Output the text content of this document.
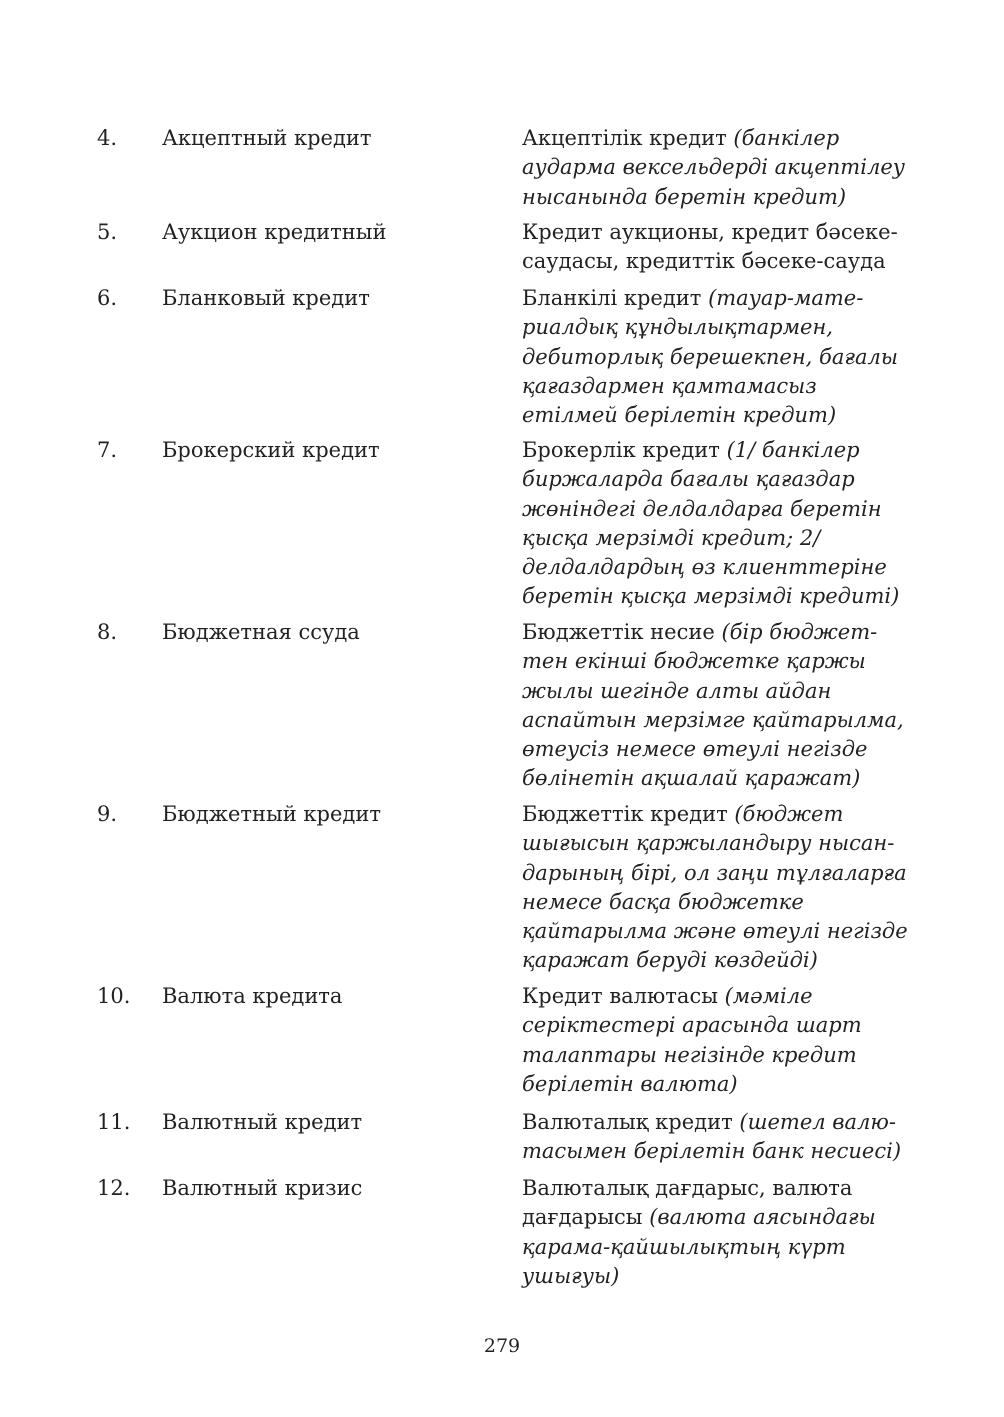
4. Акцептный кредит	Акцептілік кредит (банкілер
аударма вексельдерді акцептілеу
нысанында беретін кредит)
5. Аукцион кредитный	Кредит аукционы, кредит бәсеке-
саудасы, кредиттік бәсеке-сауда
6. Бланковый кредит	Бланкілі кредит (тауар-мате-
риалдық құндылықтармен,
дебиторлық берешекпен, бағалы
қағаздармен қамтамасыз
етілмей берілетін кредит)
7. Брокерский кредит	Брокерлік кредит (1/ банкілер
биржаларда бағалы қағаздар
жөніндегі делдалдарға беретін
қысқа мерзімді кредит; 2/
делдалдардың өз клиенттеріне
беретін қысқа мерзімді кредиті)
8. Бюджетная ссуда	Бюджеттік несие (бір бюджет-
тен екінші бюджетке қаржы
жылы шегінде алты айдан
аспайтын мерзімге қайтарылма,
өтеусіз немесе өтеулі негізде
бөлінетін ақшалай қаражат)
9. Бюджетный кредит	Бюджеттік кредит (бюджет
шығысын қаржыландыру нысан-
дарының бірі, ол заңи тұлғаларға
немесе басқа бюджетке
қайтарылма және өтеулі негізде
қаражат беруді көздейді)
10. Валюта кредита	Кредит валютасы (мәміле
серіктестері арасында шарт
талаптары негізінде кредит
берілетін валюта)
11. Валютный кредит	Валюталық кредит (шетел валю-
тасымен берілетін банк несиесі)
12. Валютный кризис	Валюталық дағдарыс, валюта
дағдарысы (валюта аясындағы
қарама-қайшылықтың күрт
ушығуы)
279
